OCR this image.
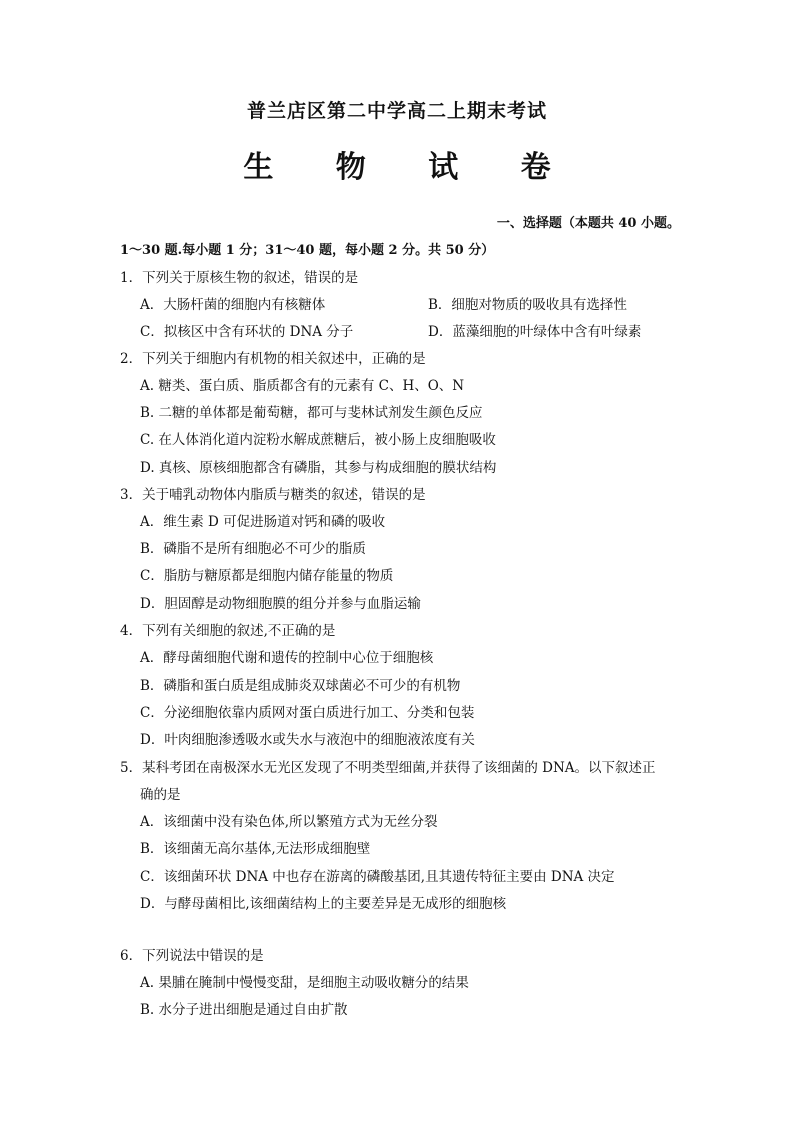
普兰店区第二中学高二上期末考试
生 物 试 卷
一、选择题（本题共 40 小题。
1～30 题.每小题 1 分；31～40 题，每小题 2 分。共 50 分）
1．下列关于原核生物的叙述，错误的是
A．大肠杆菌的细胞内有核糖体	B．细胞对物质的吸收具有选择性
C．拟核区中含有环状的 DNA 分子	D．蓝藻细胞的叶绿体中含有叶绿素
2．下列关于细胞内有机物的相关叙述中，正确的是
A. 糖类、蛋白质、脂质都含有的元素有 C、H、O、N
B. 二糖的单体都是葡萄糖，都可与斐林试剂发生颜色反应
C. 在人体消化道内淀粉水解成蔗糖后，被小肠上皮细胞吸收
D. 真核、原核细胞都含有磷脂，其参与构成细胞的膜状结构
3．关于哺乳动物体内脂质与糖类的叙述，错误的是
A．维生素 D 可促进肠道对钙和磷的吸收
B．磷脂不是所有细胞必不可少的脂质
C．脂肪与糖原都是细胞内储存能量的物质
D．胆固醇是动物细胞膜的组分并参与血脂运输
4．下列有关细胞的叙述,不正确的是
A．酵母菌细胞代谢和遗传的控制中心位于细胞核
B．磷脂和蛋白质是组成肺炎双球菌必不可少的有机物
C．分泌细胞依靠内质网对蛋白质进行加工、分类和包装
D．叶肉细胞渗透吸水或失水与液泡中的细胞液浓度有关
5．某科考团在南极深水无光区发现了不明类型细菌,并获得了该细菌的 DNA。以下叙述正
确的是
A．该细菌中没有染色体,所以繁殖方式为无丝分裂
B．该细菌无高尔基体,无法形成细胞壁
C．该细菌环状 DNA 中也存在游离的磷酸基团,且其遗传特征主要由 DNA 决定
D．与酵母菌相比,该细菌结构上的主要差异是无成形的细胞核
6．下列说法中错误的是
A. 果脯在腌制中慢慢变甜，是细胞主动吸收糖分的结果
B. 水分子进出细胞是通过自由扩散
